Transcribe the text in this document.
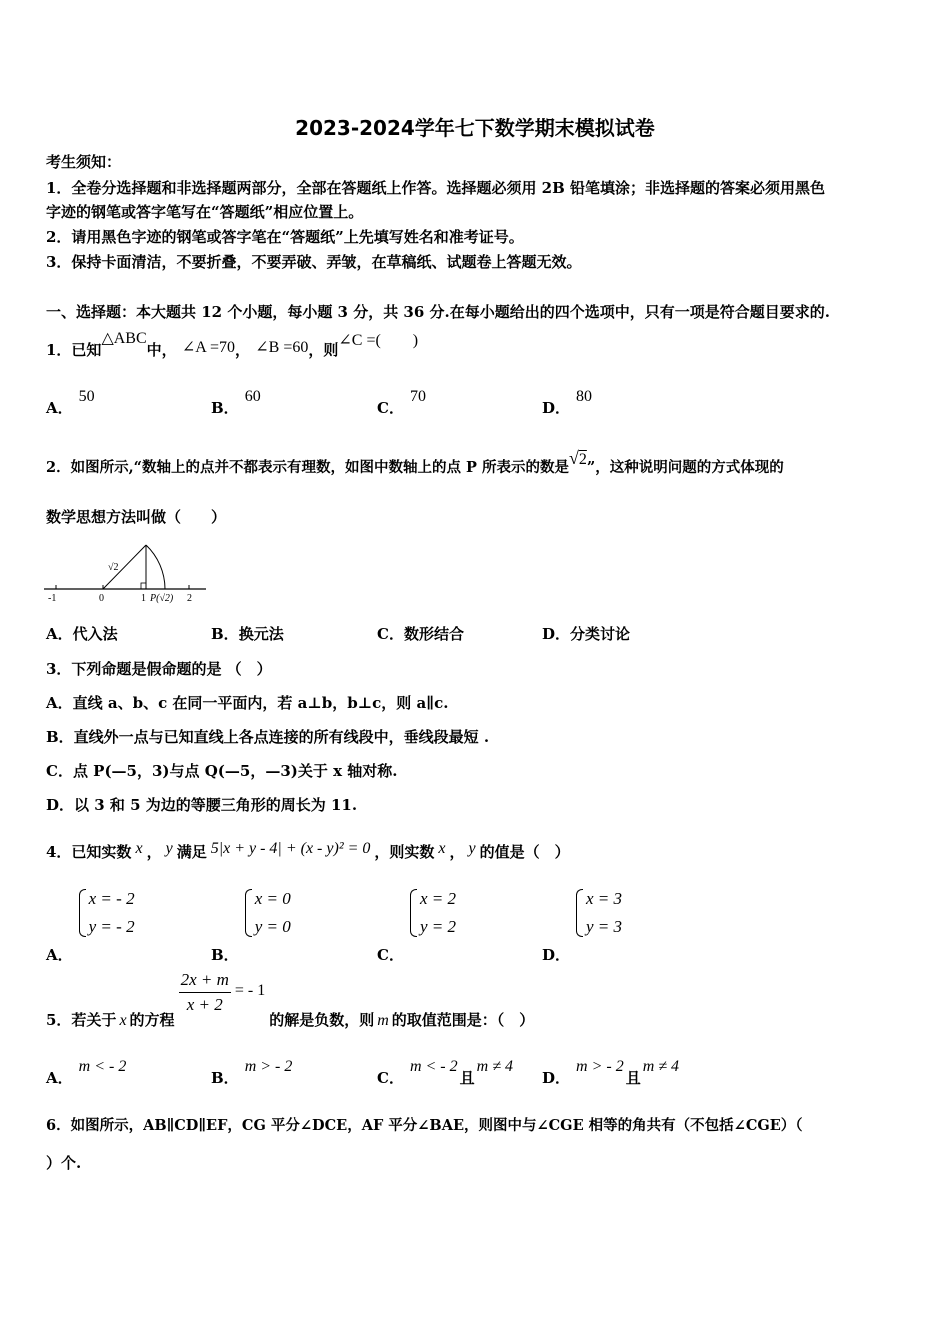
2023-2024学年七下数学期末模拟试卷
考生须知：
1．全卷分选择题和非选择题两部分，全部在答题纸上作答。选择题必须用 2B 铅笔填涂；非选择题的答案必须用黑色
字迹的钢笔或答字笔写在“答题纸”相应位置上。
2．请用黑色字迹的钢笔或答字笔在“答题纸”上先填写姓名和准考证号。
3．保持卡面清洁，不要折叠，不要弄破、弄皱，在草稿纸、试题卷上答题无效。
一、选择题：本大题共 12 个小题，每小题 3 分，共 36 分.在每小题给出的四个选项中，只有一项是符合题目要求的.
1．已知△ABC中， ∠A =70， ∠B =60，则∠C =(　　)
A．50
B．60
C．70
D．80
2．如图所示,“数轴上的点并不都表示有理数，如图中数轴上的点 P 所表示的数是√2”，这种说明问题的方式体现的
数学思想方法叫做（　　）
-1	0	1	2
√2
P(√2)
A．代入法	B．换元法	C．数形结合	D．分类讨论
3．下列命题是假命题的是 （　）
A．直线 a、b、c 在同一平面内，若 a⊥b，b⊥c，则 a∥c.
B．直线外一点与已知直线上各点连接的所有线段中，垂线段最短 .
C．点 P(—5，3)与点 Q(—5，—3)关于 x 轴对称.
D．以 3 和 5 为边的等腰三角形的周长为 11.
4．已知实数 x ， y 满足 5|x + y - 4| + (x - y)² = 0 ，则实数 x ， y 的值是（　）
A．
x = - 2
y = - 2
B．
x = 0
y = 0
C．
x = 2
y = 2
D．
x = 3
y = 3
5．若关于 x 的方程
$\frac{2x + m}{x + 2}$ = - 1的解是负数，则 m 的取值范围是：（　）
A．m < - 2
B．m > - 2
C．m < - 2且m ≠ 4
D．m > - 2且m ≠ 4
6．如图所示，AB∥CD∥EF，CG 平分∠DCE，AF 平分∠BAE，则图中与∠CGE 相等的角共有（不包括∠CGE）（
）个.
